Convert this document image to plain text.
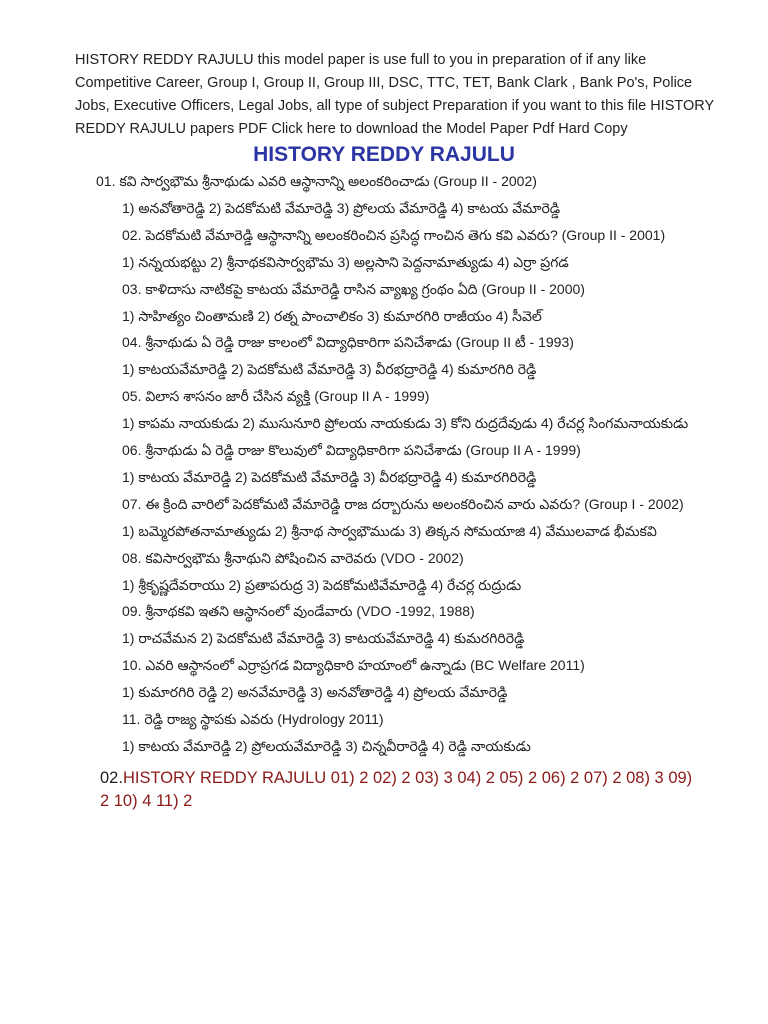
HISTORY REDDY RAJULU this model paper is use full to you in preparation of if any like Competitive Career, Group I, Group II, Group III, DSC, TTC, TET, Bank Clark , Bank Po's, Police Jobs, Executive Officers, Legal Jobs, all type of subject Preparation if you want to this file HISTORY REDDY RAJULU papers PDF Click here to download the Model Paper Pdf Hard Copy

HISTORY REDDY RAJULU
01. కవి సార్వభౌమ శ్రీనాథుడు ఎవరి ఆస్థానాన్ని అలంకరించాడు (Group II - 2002)
1) అనవోతారెడ్డి 2) పెదకోమటి వేమారెడ్డి 3) ప్రోలయ వేమారెడ్డి 4) కాటయ వేమారెడ్డి
02. పెదకోమటి వేమారెడ్డి ఆస్థానాన్ని అలంకరించిన ప్రసిద్ధ గాంచిన తెగు కవి ఎవరు? (Group II - 2001)
1) నన్నయభట్టు 2) శ్రీనాథకవిసార్వభౌమ 3) అల్లసాని పెద్దనామాత్యుడు 4) ఎర్రా ప్రగడ
03. కాళిదాసు నాటికపై కాటయ వేమారెడ్డి రాసిన వ్యాఖ్య గ్రంథం ఏది (Group II - 2000)
1) సాహిత్యం చింతామణి 2) రత్న పాంచాలికం 3) కుమారగిరి రాజీయం 4) సీవెల్
04. శ్రీనాథుడు ఏ రెడ్డి రాజు కాలంలో విద్యాధికారిగా పనిచేశాడు (Group II టీ - 1993)
1) కాటయవేమారెడ్డి 2) పెదకోమటి వేమారెడ్డి 3) వీరభద్రారెడ్డి 4) కుమారగిరి రెడ్డి
05. విలాస శాసనం జారీ చేసిన వ్యక్తి (Group II A - 1999)
1) కాపమ నాయకుడు 2) ముసునూరి ప్రోలయ నాయకుడు 3) కోని రుద్రదేవుడు 4) రేచర్ల సింగమనాయకుడు
06. శ్రీనాథుడు ఏ రెడ్డి రాజు కొలువులో విద్యాధికారిగా పనిచేశాడు (Group II A - 1999)
1) కాటయ వేమారెడ్డి 2) పెదకోమటి వేమారెడ్డి 3) వీరభద్రారెడ్డి 4) కుమారగిరిరెడ్డి
07. ఈ క్రింది వారిలో పెదకోమటి వేమారెడ్డి రాజ దర్బారును అలంకరించిన వారు ఎవరు? (Group I - 2002)
1) బమ్మెరపోతనామాత్యుడు 2) శ్రీనాథ సార్వభౌముడు 3) తిక్కన సోమయాజి 4) వేములవాడ భీమకవి
08. కవిసార్వభౌమ శ్రీనాథుని పోషించిన వారెవరు (VDO - 2002)
1) శ్రీకృష్ణదేవరాయు 2) ప్రతాపరుద్ర 3) పెదకోమటివేమారెడ్డి 4) రేచర్ల రుద్రుడు
09. శ్రీనాథకవి ఇతని ఆస్థానంలో వుండేవారు (VDO -1992, 1988)
1) రాచవేమన 2) పెదకోమటి వేమారెడ్డి 3) కాటయవేమారెడ్డి 4) కుమరగిరిరెడ్డి
10. ఎవరి ఆస్థానంలో ఎర్రాప్రగడ విద్యాధికారి హయాంలో ఉన్నాడు (BC Welfare 2011)
1) కుమారగిరి రెడ్డి 2) అనవేమారెడ్డి 3) అనవోతారెడ్డి 4) ప్రోలయ వేమారెడ్డి
11. రెడ్డి రాజ్య స్థాపకు ఎవరు (Hydrology 2011)
1) కాటయ వేమారెడ్డి 2) ప్రోలయవేమారెడ్డి 3) చిన్నవీరారెడ్డి 4) రెడ్డి నాయకుడు

02.HISTORY REDDY RAJULU 01) 2 02) 2 03) 3 04) 2 05) 2 06) 2 07) 2 08) 3 09) 2 10) 4 11) 2
